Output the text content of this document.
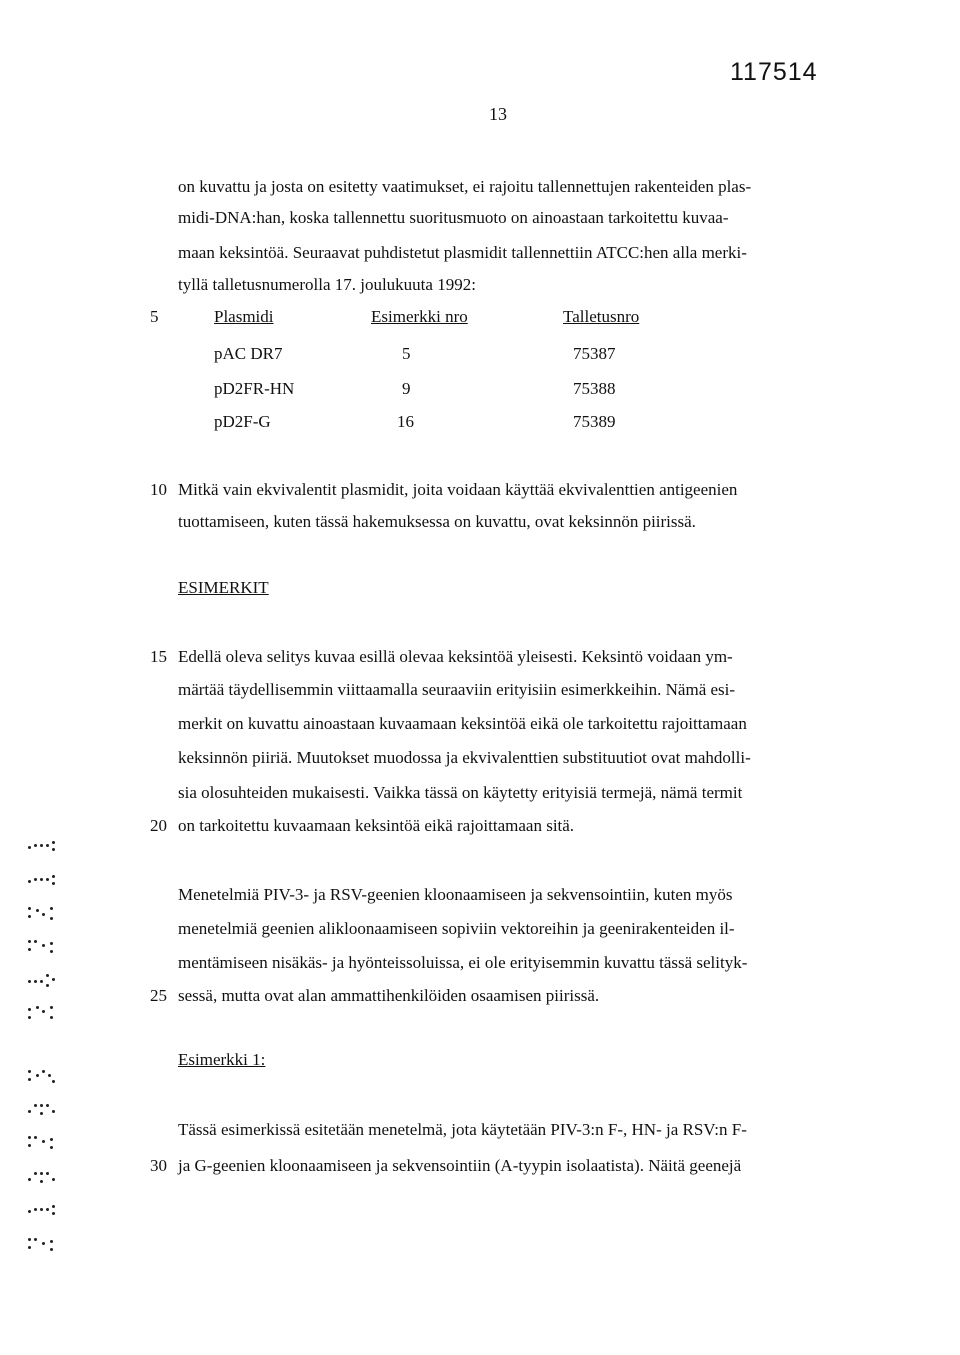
117514
13
on kuvattu ja josta on esitetty vaatimukset, ei rajoitu tallennettujen rakenteiden plas-
midi-DNA:han, koska tallennettu suoritusmuoto on ainoastaan tarkoitettu kuvaa-
maan keksintöä. Seuraavat puhdistetut plasmidit tallennettiin ATCC:hen alla merki-
tyllä talletusnumerolla 17. joulukuuta 1992:
5	Plasmidi	Esimerkki nro	Talletusnro
pAC DR7	5	75387
pD2FR-HN	9	75388
pD2F-G	16	75389
10 Mitkä vain ekvivalentit plasmidit, joita voidaan käyttää ekvivalenttien antigeenien
tuottamiseen, kuten tässä hakemuksessa on kuvattu, ovat keksinnön piirissä.
ESIMERKIT
15 Edellä oleva selitys kuvaa esillä olevaa keksintöä yleisesti. Keksintö voidaan ym-
märtää täydellisemmin viittaamalla seuraaviin erityisiin esimerkkeihin. Nämä esi-
merkit on kuvattu ainoastaan kuvaamaan keksintöä eikä ole tarkoitettu rajoittamaan
keksinnön piiriä. Muutokset muodossa ja ekvivalenttien substituutiot ovat mahdolli-
sia olosuhteiden mukaisesti. Vaikka tässä on käytetty erityisiä termejä, nämä termit
20 on tarkoitettu kuvaamaan keksintöä eikä rajoittamaan sitä.
Menetelmiä PIV-3- ja RSV-geenien kloonaamiseen ja sekvensointiin, kuten myös
menetelmiä geenien alikloonaamiseen sopiviin vektoreihin ja geenirakenteiden il-
mentämiseen nisäkäs- ja hyönteissoluissa, ei ole erityisemmin kuvattu tässä selityk-
25 sessä, mutta ovat alan ammattihenkilöiden osaamisen piirissä.
Esimerkki 1:
Tässä esimerkissä esitetään menetelmä, jota käytetään PIV-3:n F-, HN- ja RSV:n F-
30 ja G-geenien kloonaamiseen ja sekvensointiin (A-tyypin isolaatista). Näitä geenejä
